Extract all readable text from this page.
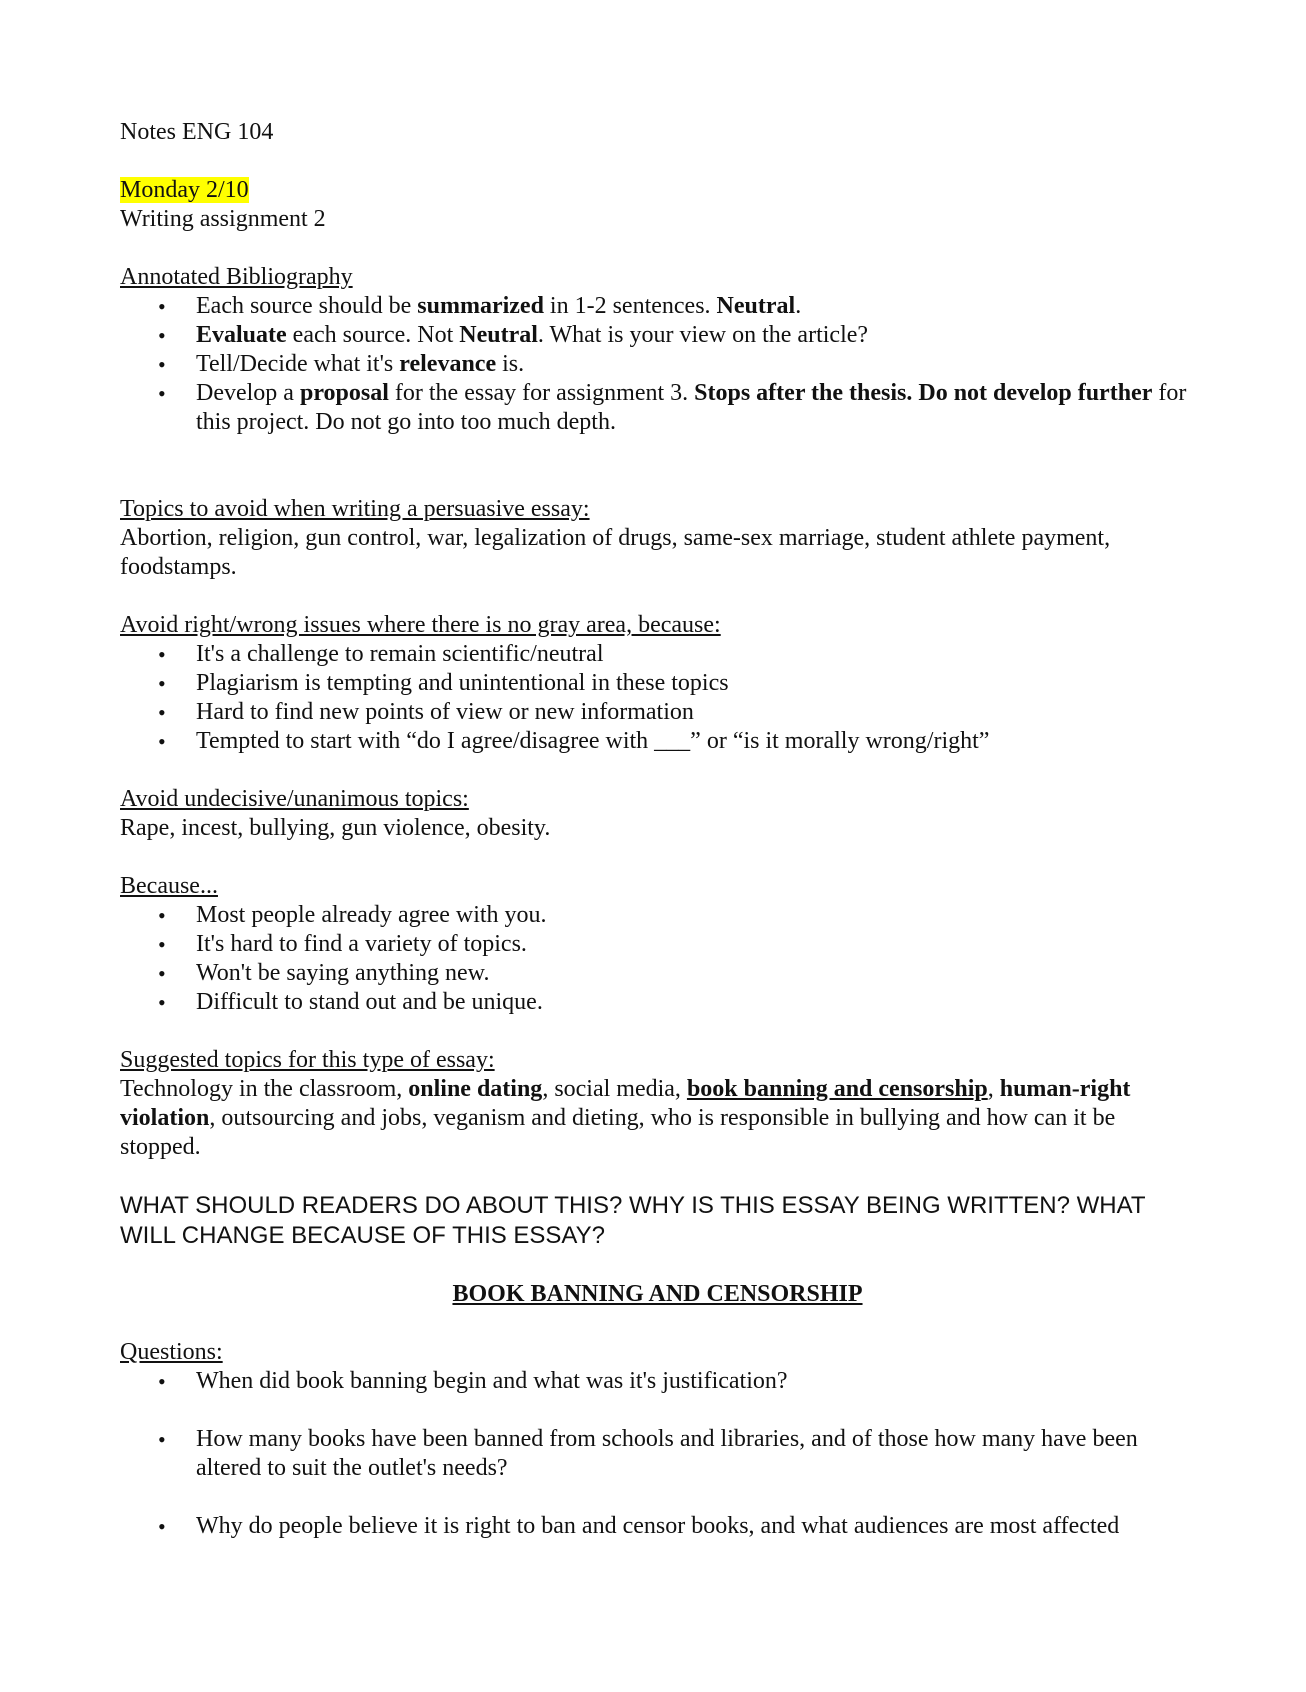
Notes ENG 104

Monday 2/10

Writing assignment 2

Annotated Bibliography

• Each source should be summarized in 1-2 sentences. Neutral.
• Evaluate each source. Not Neutral. What is your view on the article?
• Tell/Decide what it's relevance is.
• Develop a proposal for the essay for assignment 3. Stops after the thesis. Do not develop further for this project. Do not go into too much depth.

Topics to avoid when writing a persuasive essay:

Abortion, religion, gun control, war, legalization of drugs, same-sex marriage, student athlete payment, foodstamps.

Avoid right/wrong issues where there is no gray area, because:

• It's a challenge to remain scientific/neutral
• Plagiarism is tempting and unintentional in these topics
• Hard to find new points of view or new information
• Tempted to start with “do I agree/disagree with ___” or “is it morally wrong/right”

Avoid undecisive/unanimous topics:

Rape, incest, bullying, gun violence, obesity.

Because...

• Most people already agree with you.
• It's hard to find a variety of topics.
• Won't be saying anything new.
• Difficult to stand out and be unique.

Suggested topics for this type of essay:

Technology in the classroom, online dating, social media, book banning and censorship, human-right violation, outsourcing and jobs, veganism and dieting, who is responsible in bullying and how can it be stopped.

WHAT SHOULD READERS DO ABOUT THIS? WHY IS THIS ESSAY BEING WRITTEN? WHAT WILL CHANGE BECAUSE OF THIS ESSAY?

BOOK BANNING AND CENSORSHIP

Questions:

• When did book banning begin and what was it's justification?
• How many books have been banned from schools and libraries, and of those how many have been altered to suit the outlet's needs?
• Why do people believe it is right to ban and censor books, and what audiences are most affected
